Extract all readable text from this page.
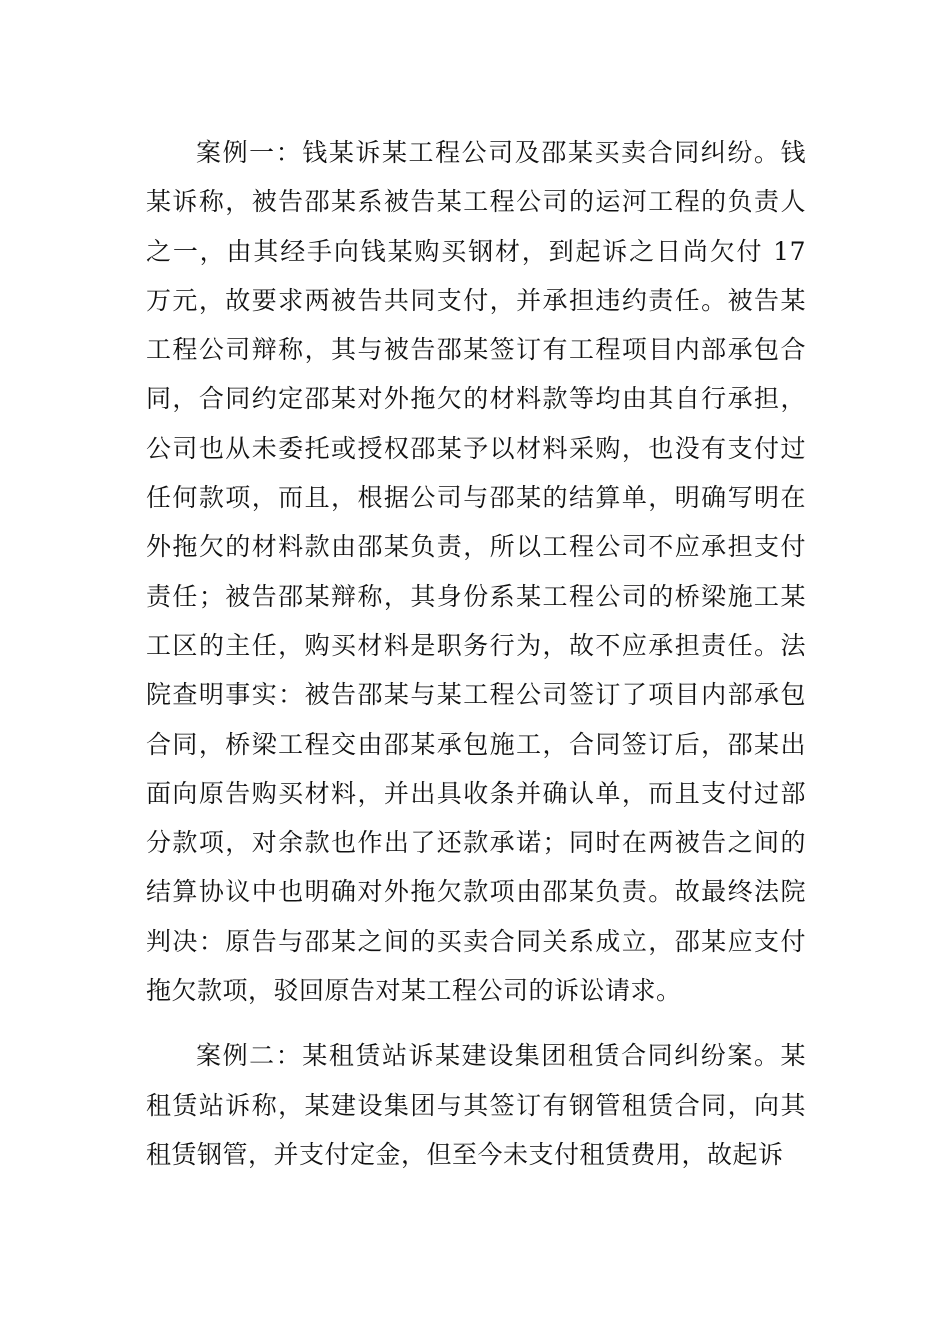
案例一：钱某诉某工程公司及邵某买卖合同纠纷。钱某诉称，被告邵某系被告某工程公司的运河工程的负责人之一，由其经手向钱某购买钢材，到起诉之日尚欠付 17 万元，故要求两被告共同支付，并承担违约责任。被告某工程公司辩称，其与被告邵某签订有工程项目内部承包合同，合同约定邵某对外拖欠的材料款等均由其自行承担，公司也从未委托或授权邵某予以材料采购，也没有支付过任何款项，而且，根据公司与邵某的结算单，明确写明在外拖欠的材料款由邵某负责，所以工程公司不应承担支付责任；被告邵某辩称，其身份系某工程公司的桥梁施工某工区的主任，购买材料是职务行为，故不应承担责任。法院查明事实：被告邵某与某工程公司签订了项目内部承包合同，桥梁工程交由邵某承包施工，合同签订后，邵某出面向原告购买材料，并出具收条并确认单，而且支付过部分款项，对余款也作出了还款承诺；同时在两被告之间的结算协议中也明确对外拖欠款项由邵某负责。故最终法院判决：原告与邵某之间的买卖合同关系成立，邵某应支付拖欠款项，驳回原告对某工程公司的诉讼请求。

案例二：某租赁站诉某建设集团租赁合同纠纷案。某租赁站诉称，某建设集团与其签订有钢管租赁合同，向其租赁钢管，并支付定金，但至今未支付租赁费用，故起诉
